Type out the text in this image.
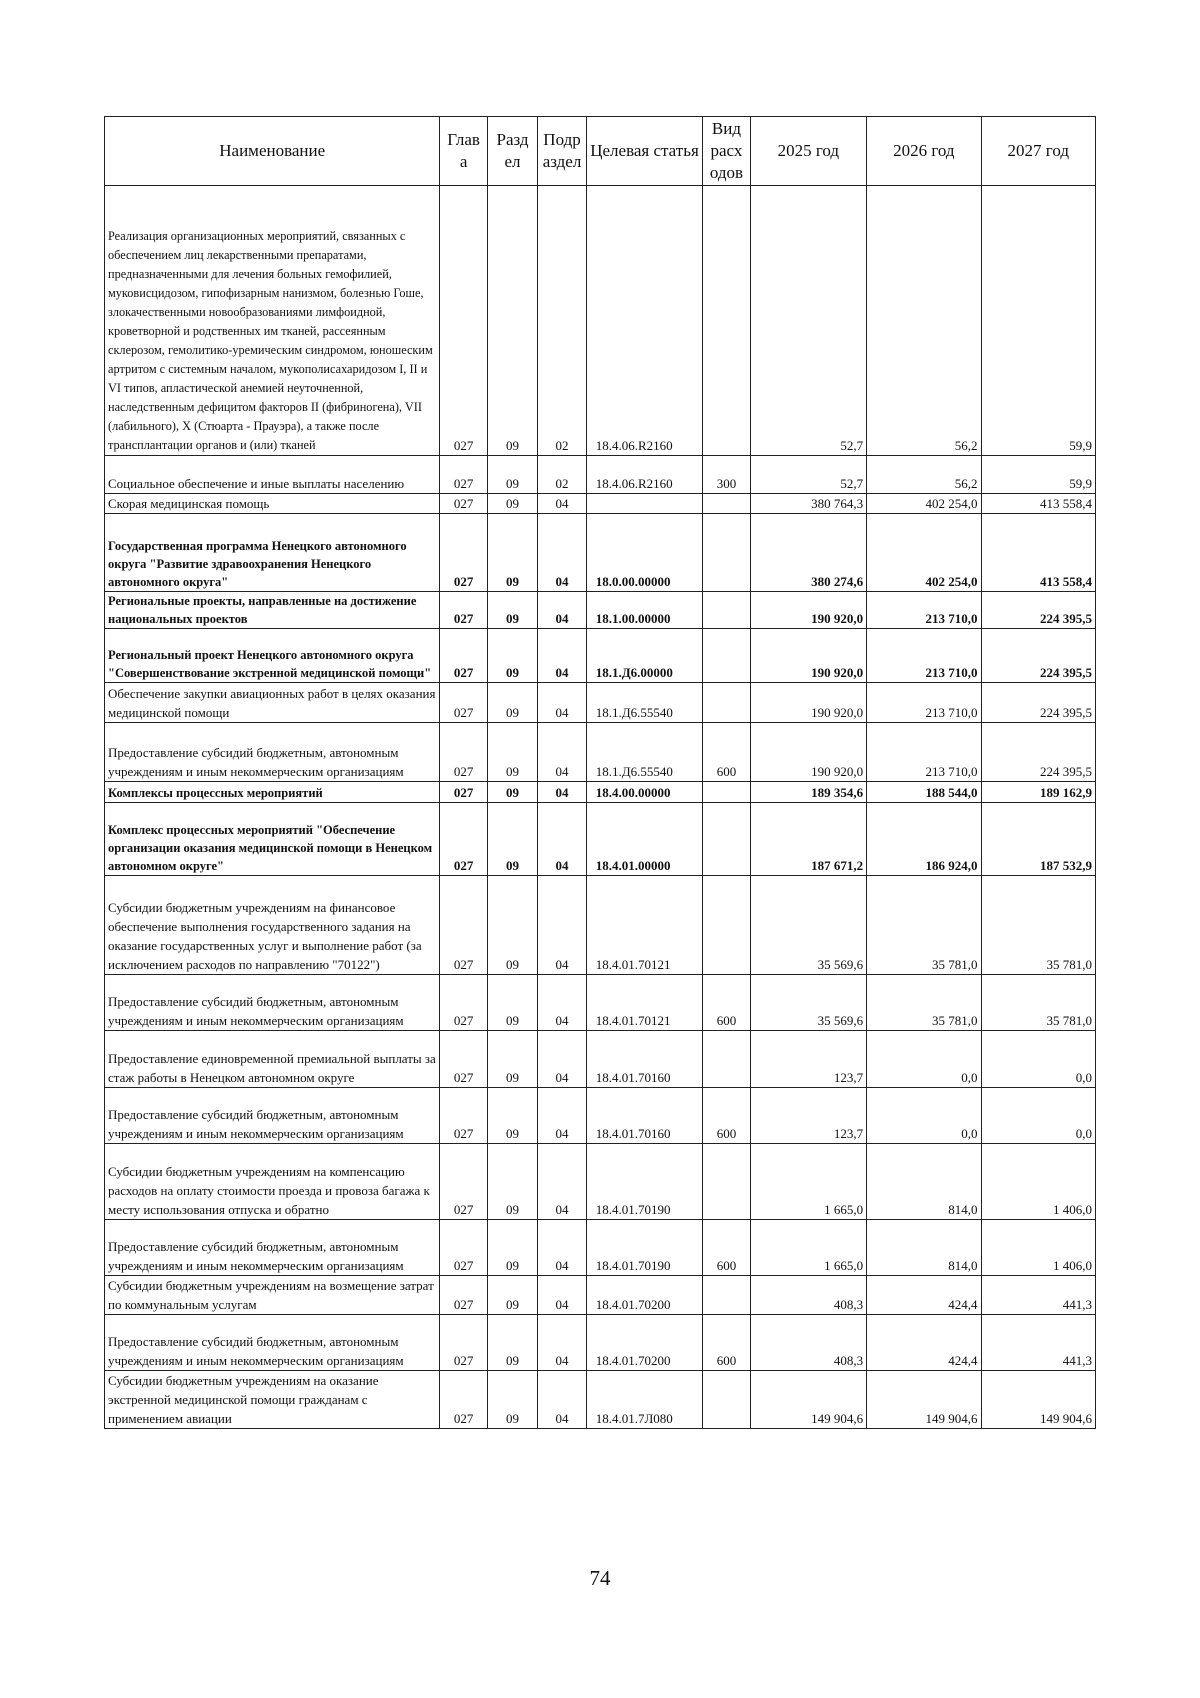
Наименование	Глав а	Разд ел	Подр аздел	Целевая статья	Вид расх одов	2025 год	2026 год	2027 год
Реализация организационных мероприятий, связанных с обеспечением лиц лекарственными препаратами, предназначенными для лечения больных гемофилией, муковисцидозом, гипофизарным нанизмом, болезнью Гоше, злокачественными новообразованиями лимфоидной, кроветворной и родственных им тканей, рассеянным склерозом, гемолитико-уремическим синдромом, юношеским артритом с системным началом, мукополисахаридозом I, II и VI типов, апластической анемией неуточненной, наследственным дефицитом факторов II (фибриногена), VII (лабильного), X (Стюарта - Прауэра), а также после трансплантации органов и (или) тканей	027	09	02	18.4.06.R2160		52,7	56,2	59,9
Социальное обеспечение и иные выплаты населению	027	09	02	18.4.06.R2160	300	52,7	56,2	59,9
Скорая медицинская помощь	027	09	04			380 764,3	402 254,0	413 558,4
Государственная программа Ненецкого автономного округа "Развитие здравоохранения Ненецкого автономного округа"	027	09	04	18.0.00.00000		380 274,6	402 254,0	413 558,4
Региональные проекты, направленные на достижение национальных проектов	027	09	04	18.1.00.00000		190 920,0	213 710,0	224 395,5
Региональный проект Ненецкого автономного округа "Совершенствование экстренной медицинской помощи"	027	09	04	18.1.Д6.00000		190 920,0	213 710,0	224 395,5
Обеспечение закупки авиационных работ в целях оказания медицинской помощи	027	09	04	18.1.Д6.55540		190 920,0	213 710,0	224 395,5
Предоставление субсидий бюджетным, автономным учреждениям и иным некоммерческим организациям	027	09	04	18.1.Д6.55540	600	190 920,0	213 710,0	224 395,5
Комплексы процессных мероприятий	027	09	04	18.4.00.00000		189 354,6	188 544,0	189 162,9
Комплекс процессных мероприятий "Обеспечение организации оказания медицинской помощи в Ненецком автономном округе"	027	09	04	18.4.01.00000		187 671,2	186 924,0	187 532,9
Субсидии бюджетным учреждениям на финансовое обеспечение выполнения государственного задания на оказание государственных услуг и выполнение работ (за исключением расходов по направлению "70122")	027	09	04	18.4.01.70121		35 569,6	35 781,0	35 781,0
Предоставление субсидий бюджетным, автономным учреждениям и иным некоммерческим организациям	027	09	04	18.4.01.70121	600	35 569,6	35 781,0	35 781,0
Предоставление единовременной премиальной выплаты за стаж работы в Ненецком автономном округе	027	09	04	18.4.01.70160		123,7	0,0	0,0
Предоставление субсидий бюджетным, автономным учреждениям и иным некоммерческим организациям	027	09	04	18.4.01.70160	600	123,7	0,0	0,0
Субсидии бюджетным учреждениям на компенсацию расходов на оплату стоимости проезда и провоза багажа к месту использования отпуска и обратно	027	09	04	18.4.01.70190		1 665,0	814,0	1 406,0
Предоставление субсидий бюджетным, автономным учреждениям и иным некоммерческим организациям	027	09	04	18.4.01.70190	600	1 665,0	814,0	1 406,0
Субсидии бюджетным учреждениям на возмещение затрат по коммунальным услугам	027	09	04	18.4.01.70200		408,3	424,4	441,3
Предоставление субсидий бюджетным, автономным учреждениям и иным некоммерческим организациям	027	09	04	18.4.01.70200	600	408,3	424,4	441,3
Субсидии бюджетным учреждениям на оказание экстренной медицинской помощи гражданам с применением авиации	027	09	04	18.4.01.7Л080		149 904,6	149 904,6	149 904,6
74
